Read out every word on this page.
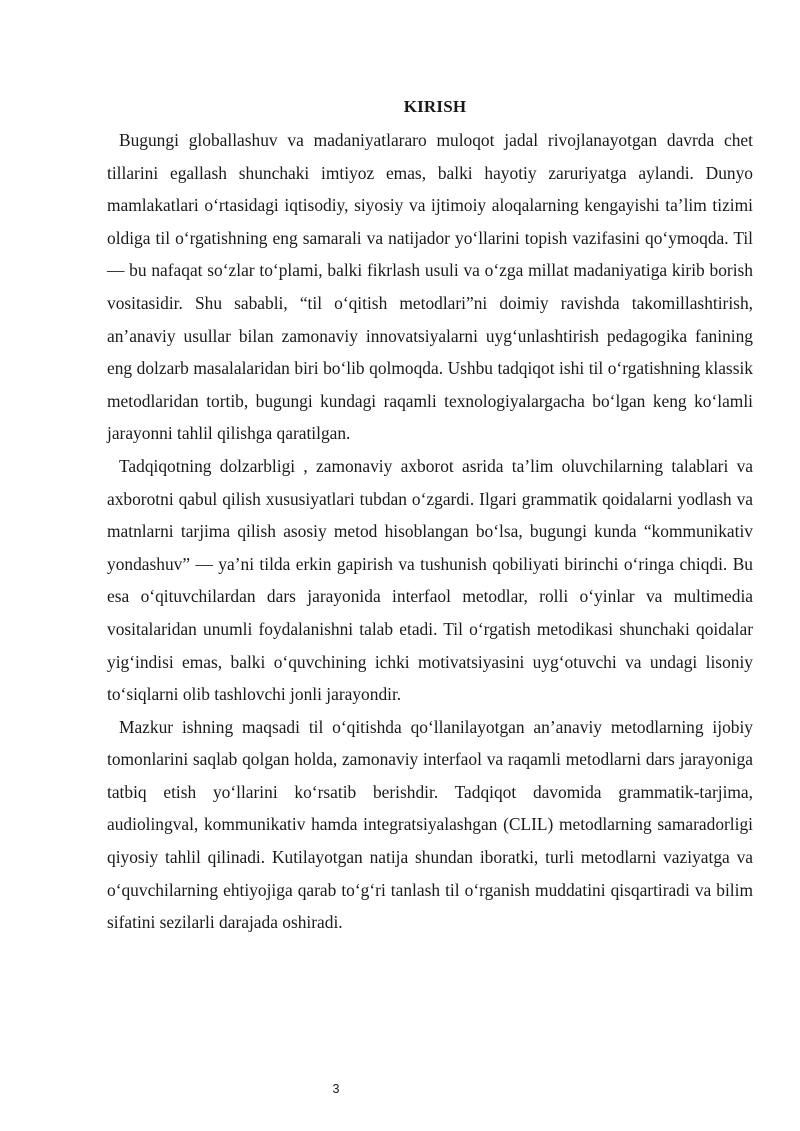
KIRISH

Bugungi globallashuv va madaniyatlararo muloqot jadal rivojlanayotgan davrda chet tillarini egallash shunchaki imtiyoz emas, balki hayotiy zaruriyatga aylandi. Dunyo mamlakatlari o‘rtasidagi iqtisodiy, siyosiy va ijtimoiy aloqalarning kengayishi ta’lim tizimi oldiga til o‘rgatishning eng samarali va natijador yo‘llarini topish vazifasini qo‘ymoqda. Til — bu nafaqat so‘zlar to‘plami, balki fikrlash usuli va o‘zga millat madaniyatiga kirib borish vositasidir. Shu sababli, “til o‘qitish metodlari”ni doimiy ravishda takomillashtirish, an’anaviy usullar bilan zamonaviy innovatsiyalarni uyg‘unlashtirish pedagogika fanining eng dolzarb masalalaridan biri bo‘lib qolmoqda. Ushbu tadqiqot ishi til o‘rgatishning klassik metodlaridan tortib, bugungi kundagi raqamli texnologiyalargacha bo‘lgan keng ko‘lamli jarayonni tahlil qilishga qaratilgan.

Tadqiqotning dolzarbligi , zamonaviy axborot asrida ta’lim oluvchilarning talablari va axborotni qabul qilish xususiyatlari tubdan o‘zgardi. Ilgari grammatik qoidalarni yodlash va matnlarni tarjima qilish asosiy metod hisoblangan bo‘lsa, bugungi kunda “kommunikativ yondashuv” — ya’ni tilda erkin gapirish va tushunish qobiliyati birinchi o‘ringa chiqdi. Bu esa o‘qituvchilardan dars jarayonida interfaol metodlar, rolli o‘yinlar va multimedia vositalaridan unumli foydalanishni talab etadi. Til o‘rgatish metodikasi shunchaki qoidalar yig‘indisi emas, balki o‘quvchining ichki motivatsiyasini uyg‘otuvchi va undagi lisoniy to‘siqlarni olib tashlovchi jonli jarayondir.

Mazkur ishning maqsadi til o‘qitishda qo‘llanilayotgan an’anaviy metodlarning ijobiy tomonlarini saqlab qolgan holda, zamonaviy interfaol va raqamli metodlarni dars jarayoniga tatbiq etish yo‘llarini ko‘rsatib berishdir. Tadqiqot davomida grammatik-tarjima, audiolingval, kommunikativ hamda integratsiyalashgan (CLIL) metodlarning samaradorligi qiyosiy tahlil qilinadi. Kutilayotgan natija shundan iboratki, turli metodlarni vaziyatga va o‘quvchilarning ehtiyojiga qarab to‘g‘ri tanlash til o‘rganish muddatini qisqartiradi va bilim sifatini sezilarli darajada oshiradi.

3
